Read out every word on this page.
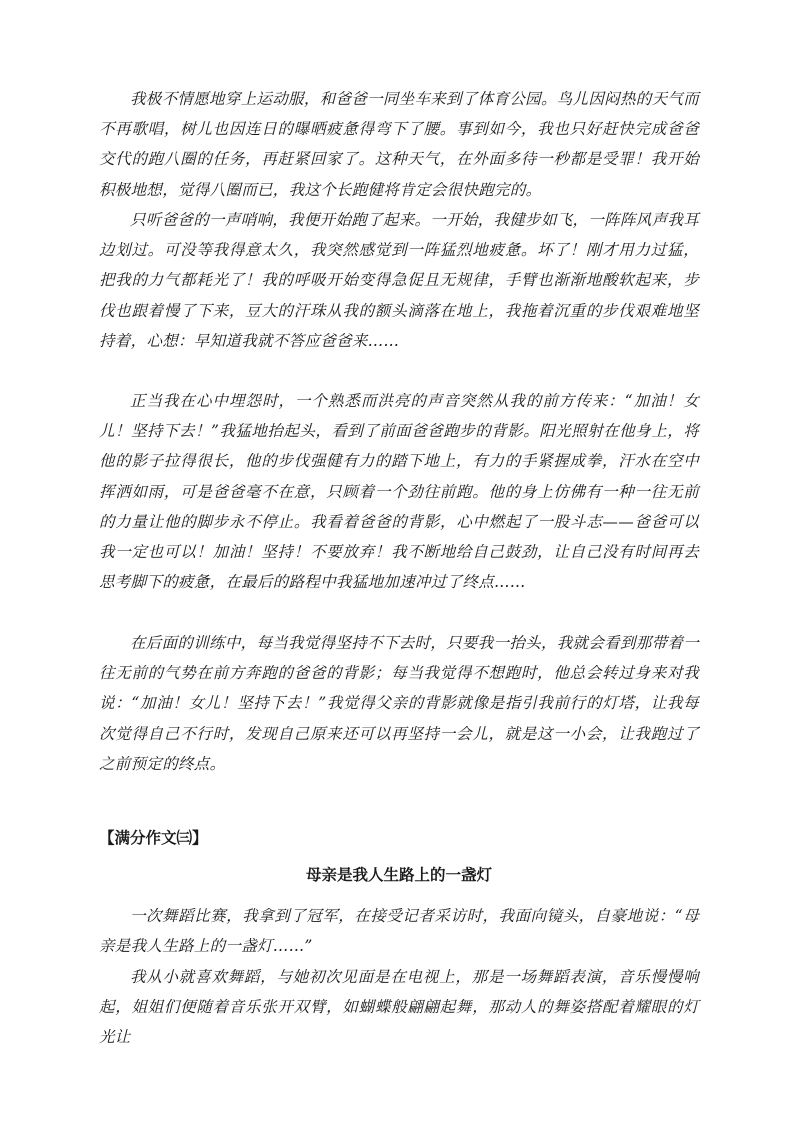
我极不情愿地穿上运动服，和爸爸一同坐车来到了体育公园。鸟儿因闷热的天气而不再歌唱，树儿也因连日的曝晒疲惫得弯下了腰。事到如今，我也只好赶快完成爸爸交代的跑八圈的任务，再赶紧回家了。这种天气，在外面多待一秒都是受罪！我开始积极地想，觉得八圈而已，我这个长跑健将肯定会很快跑完的。

只听爸爸的一声哨响，我便开始跑了起来。一开始，我健步如飞，一阵阵风声我耳边划过。可没等我得意太久，我突然感觉到一阵猛烈地疲惫。坏了！刚才用力过猛，把我的力气都耗光了！我的呼吸开始变得急促且无规律，手臂也渐渐地酸软起来，步伐也跟着慢了下来，豆大的汗珠从我的额头滴落在地上，我拖着沉重的步伐艰难地坚持着，心想：早知道我就不答应爸爸来……

正当我在心中埋怨时，一个熟悉而洪亮的声音突然从我的前方传来：“加油！女儿！坚持下去！”我猛地抬起头，看到了前面爸爸跑步的背影。阳光照射在他身上，将他的影子拉得很长，他的步伐强健有力的踏下地上，有力的手紧握成拳，汗水在空中挥洒如雨，可是爸爸毫不在意，只顾着一个劲往前跑。他的身上仿佛有一种一往无前的力量让他的脚步永不停止。我看着爸爸的背影，心中燃起了一股斗志——爸爸可以我一定也可以！加油！坚持！不要放弃！我不断地给自己鼓劲，让自己没有时间再去思考脚下的疲惫，在最后的路程中我猛地加速冲过了终点……

在后面的训练中，每当我觉得坚持不下去时，只要我一抬头，我就会看到那带着一往无前的气势在前方奔跑的爸爸的背影；每当我觉得不想跑时，他总会转过身来对我说：“加油！女儿！坚持下去！”我觉得父亲的背影就像是指引我前行的灯塔，让我每次觉得自己不行时，发现自己原来还可以再坚持一会儿，就是这一小会，让我跑过了之前预定的终点。

【满分作文㈢】

母亲是我人生路上的一盏灯

一次舞蹈比赛，我拿到了冠军，在接受记者采访时，我面向镜头，自豪地说：“母亲是我人生路上的一盏灯……”

我从小就喜欢舞蹈，与她初次见面是在电视上，那是一场舞蹈表演，音乐慢慢响起，姐姐们便随着音乐张开双臂，如蝴蝶般翩翩起舞，那动人的舞姿搭配着耀眼的灯光让
